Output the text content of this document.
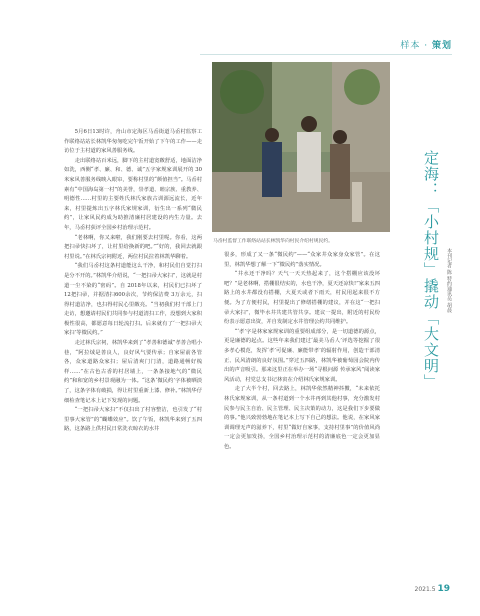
样本 · 策划
马岙村监督工作联络站站长林凯华向村民介绍村规民约。	定海：「小村规」撬动「大文明」	本刊记者 陈 特约通讯员 胡晨

5月6日13时许，舟山市定海区马岙街道马岙村监察工作联络站站长林凯华匆匆吃完午饭开始了下午的工作——走访位于主村道的家风善服务线。

走出联络站百米远，脚下的主村道宽敞舒适，地面洁净如洗，西侧“孝、廉、和、德、诚”五字家规家训展开的 30米家风善服务线映入眼帘，要称村里的“颜值担当”。马岙村素有“中国海岛第一村”的美誉，崇孝道、睦宗族、重教养、明德性……村里的主要姓氏林氏家族古训源远流长，近年来，村里提炼出五字林氏家规家训，衍生出一系列“微民约”，让家风民约成为助推清廉村居建设的内生力量。去年，马岙村获评全国乡村治理示范村。

“老林啊，你又来啦，我们刚要去村里呢。你看，这两把扫帚快扫坏了，让村里给换新的吧。”“好的，我回去就跟村里说。”在林氏宗祠附近，两位村民拉着林凯华聊着。

“我们马岙村这条村道能这么干净，和村民们自觉打扫是分不开的。”林凯华介绍说，“一把扫帚大家扫”，这就是村道一尘不染的“密码”。自 2018年以来，村民们已扫坏了12把扫帚，并据清扫600余次，节约保洁费 3万余元，扫得村道洁净，也扫得村民心里敞亮。“当初我们村干部上门走访，想邀请村民们共同参与村道清扫工作，没想到大家积极性很高，都愿意每日轮流打扫。后来就有了‘一把扫帚大家扫’等微民约。”

走过林氏宗祠，林凯华来到了“孝善和德诚”孝善合唱小巷，“阿拉绒是善良人，良好风气要传承；自家屋前各管各，众家道路众家扫；屋后清爽门门清，道路通畅好梳样……”在古色古香的村居墙上，一条条接地气的“微民约”和和宽的乡村景观融为一体。“这条‘微民约’字体被晒淡了，这条字体有破损，得让村里重新上漆、修补。”林凯华仔细检查笔记本上记下发现的问题。

“一把扫帚大家扫”不仅扫出了村容整洁，也引发了“村里事大家管”的“蝴蝶效应”。饮了午饭，林凯华来到了五四路，这条路上供村民日常洗衣晾衣的水井

很多，形成了又一条“微民约”——“众家井众家身众家管”。在这里，林凯华想了解一下“微民约”落实情况。

“井水还干净吗？天气一天天热起来了，这个搭棚应该没坏吧？”是老林啊，搭棚很结实的，水也干净，夏天还凉快!”家来五四路上的水井都没有搭棚，大夏天或者下雨天，村民用起来很不方便。为了方便村民，村里提出了修缮搭棚的建议，并在这“一把扫帚大家扫”，微毕水井共建共管共享。建议一提出，附近的村民纷纷表示愿意出资，并自发制定水井管理公约共同维护。

“‘孝’字是林家家规家训的重要组成部分，是一切道德的源点，更是廉德的起点。这些年来我们建过‘最美马岙人’评选等挖掘了很多孝心模范，发挥‘孝’可促廉、廉能带孝’的辐射作用，创造干部清正、民风清朗的良好氛围。”穿过五四路，林凯华被葡萄园会院内传出的声音吸引。那来这里正在举办一场“寻根问源 传承家风”阅读家风活动，村党总支书记林寅在介绍林氏家规家训。

走了大半个村，回去路上，林凯华依然精神抖擞，“未来依托林氏家规家训，从一条村道到一个水井再到其他村事，充分激发村民参与民主自治、民主管理、民主决策的动力，这是我们下步要做的事。”他兴致勃勃地在笔记本上写下自己的想法。他说，在家风家训调理无声的滋养下，村里“做好自家事，支持村里事”的价值风尚一定会更加发扬，全国乡村治理示范村的清廉底色一定会更加显色。

2021.5 19
